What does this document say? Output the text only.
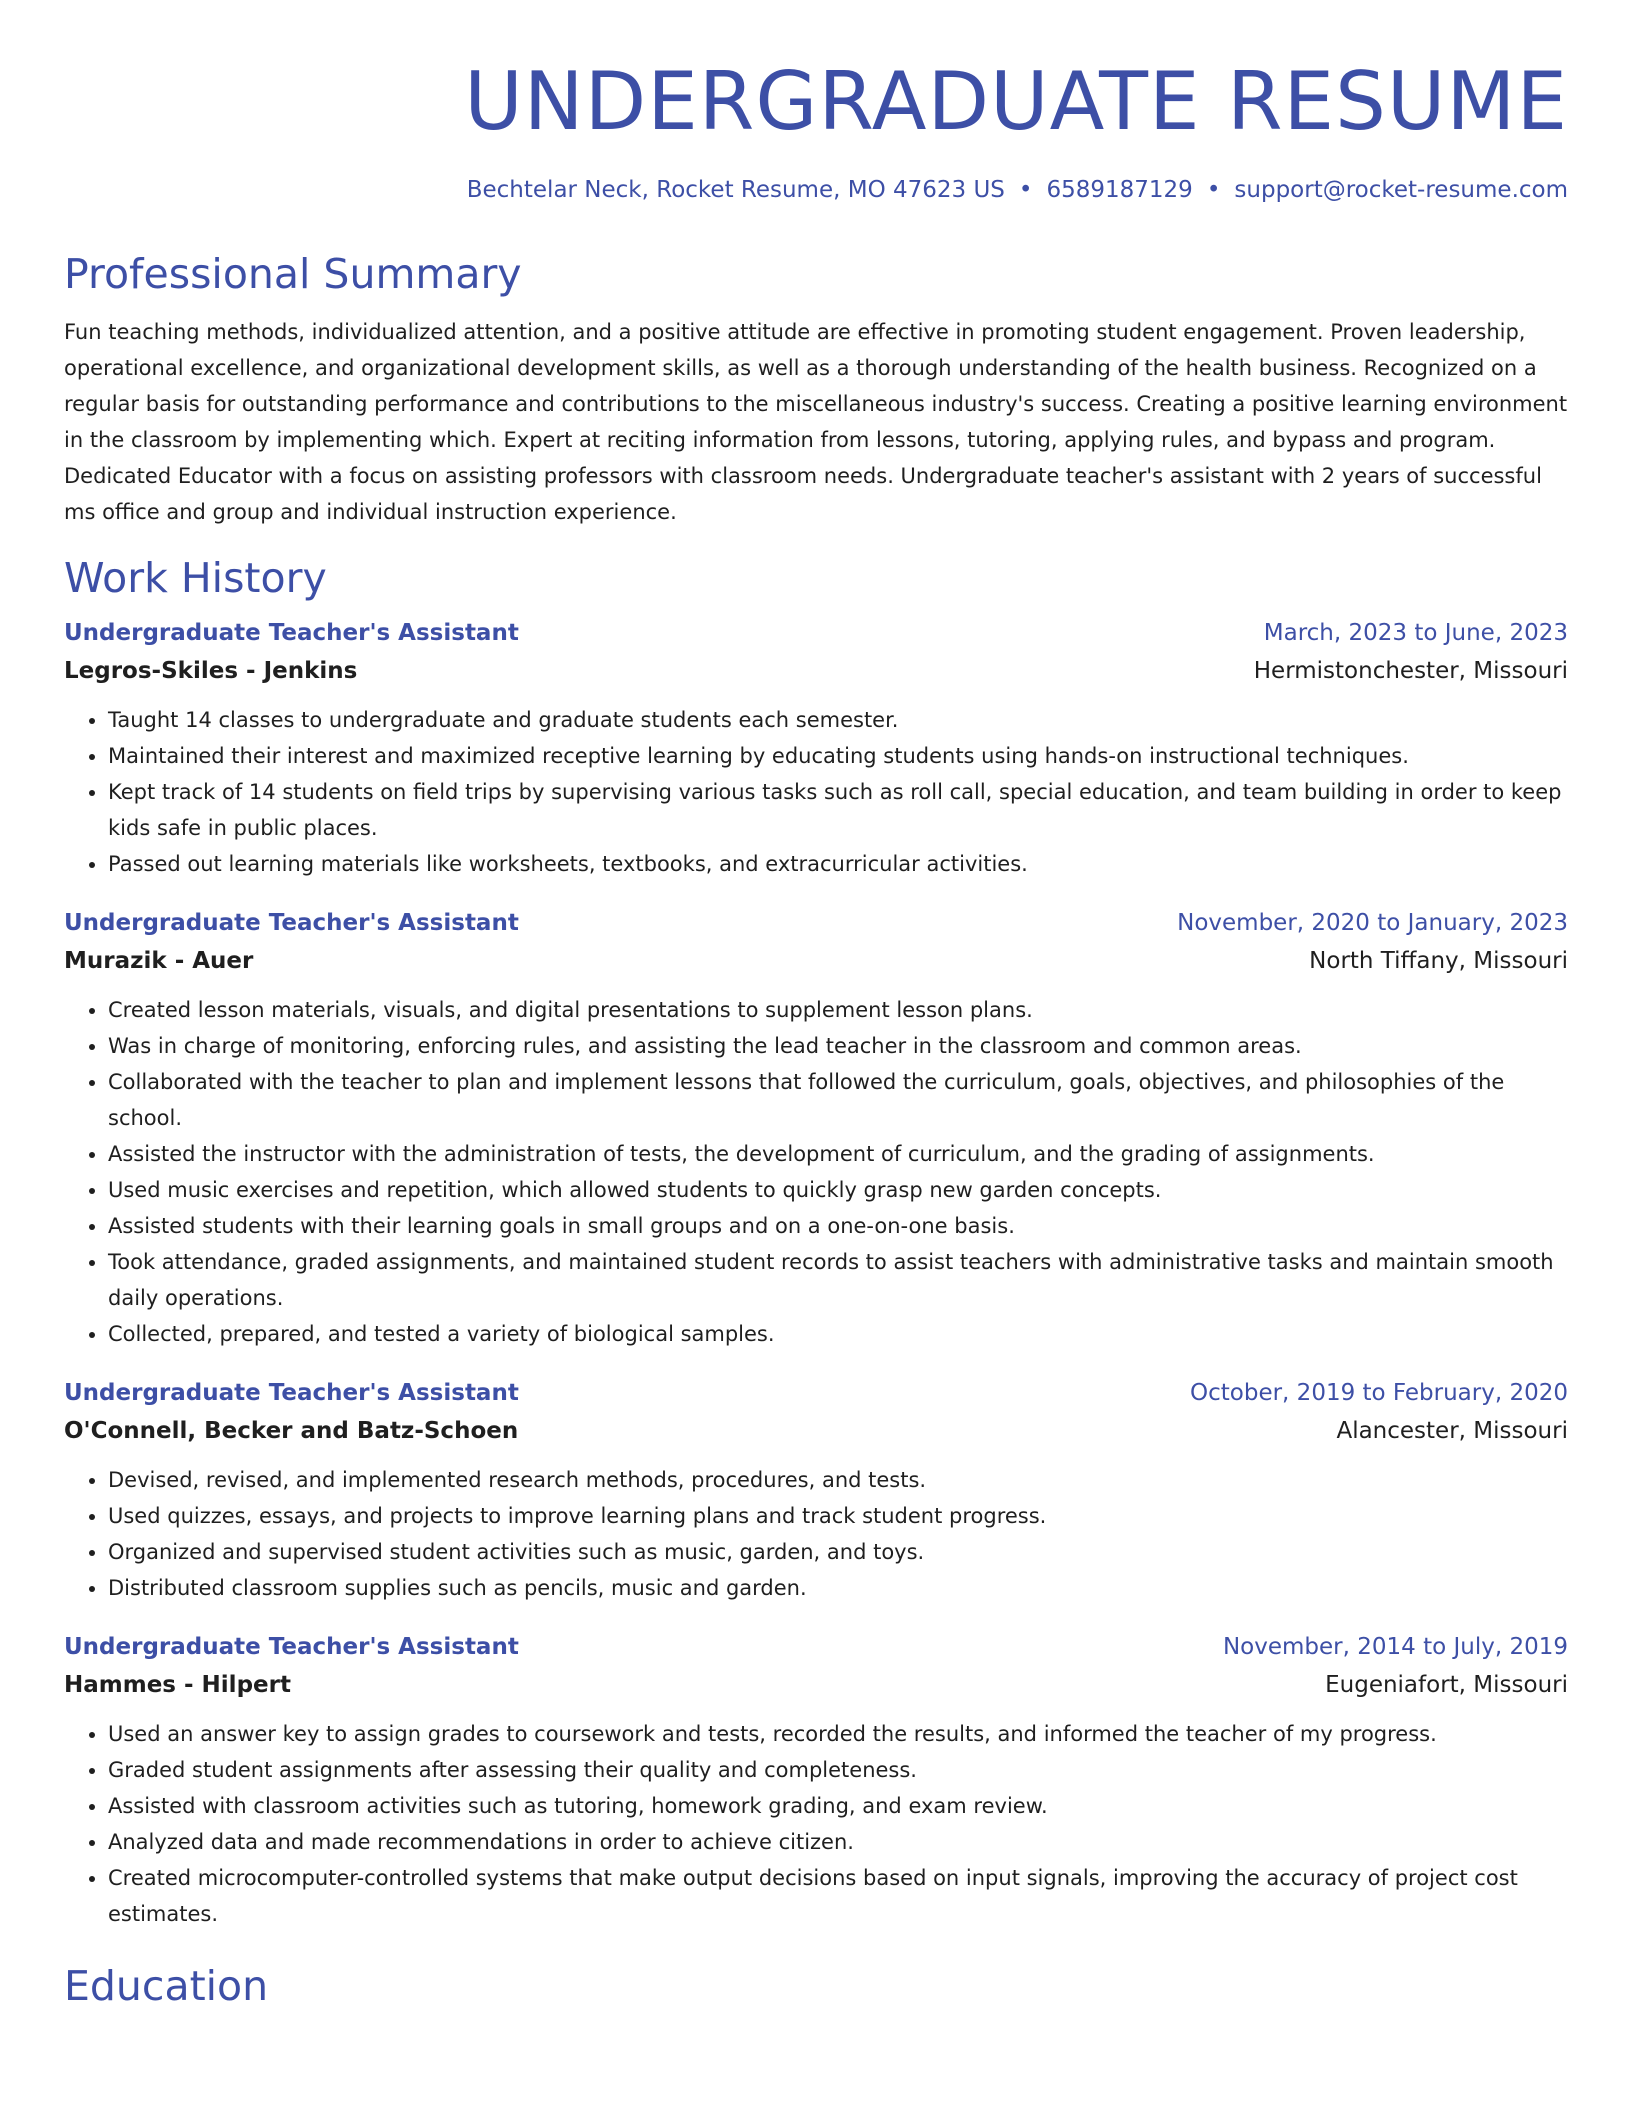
UNDERGRADUATE RESUME
Bechtelar Neck, Rocket Resume, MO 47623 US • 6589187129 • support@rocket-resume.com
Professional Summary
Fun teaching methods, individualized attention, and a positive attitude are effective in promoting student engagement. Proven leadership, operational excellence, and organizational development skills, as well as a thorough understanding of the health business. Recognized on a regular basis for outstanding performance and contributions to the miscellaneous industry's success. Creating a positive learning environment in the classroom by implementing which. Expert at reciting information from lessons, tutoring, applying rules, and bypass and program. Dedicated Educator with a focus on assisting professors with classroom needs. Undergraduate teacher's assistant with 2 years of successful ms office and group and individual instruction experience.
Work History
Undergraduate Teacher's Assistant	March, 2023 to June, 2023
Legros-Skiles - Jenkins	Hermistonchester, Missouri
• Taught 14 classes to undergraduate and graduate students each semester.
• Maintained their interest and maximized receptive learning by educating students using hands-on instructional techniques.
• Kept track of 14 students on field trips by supervising various tasks such as roll call, special education, and team building in order to keep kids safe in public places.
• Passed out learning materials like worksheets, textbooks, and extracurricular activities.
Undergraduate Teacher's Assistant	November, 2020 to January, 2023
Murazik - Auer	North Tiffany, Missouri
• Created lesson materials, visuals, and digital presentations to supplement lesson plans.
• Was in charge of monitoring, enforcing rules, and assisting the lead teacher in the classroom and common areas.
• Collaborated with the teacher to plan and implement lessons that followed the curriculum, goals, objectives, and philosophies of the school.
• Assisted the instructor with the administration of tests, the development of curriculum, and the grading of assignments.
• Used music exercises and repetition, which allowed students to quickly grasp new garden concepts.
• Assisted students with their learning goals in small groups and on a one-on-one basis.
• Took attendance, graded assignments, and maintained student records to assist teachers with administrative tasks and maintain smooth daily operations.
• Collected, prepared, and tested a variety of biological samples.
Undergraduate Teacher's Assistant	October, 2019 to February, 2020
O'Connell, Becker and Batz-Schoen	Alancester, Missouri
• Devised, revised, and implemented research methods, procedures, and tests.
• Used quizzes, essays, and projects to improve learning plans and track student progress.
• Organized and supervised student activities such as music, garden, and toys.
• Distributed classroom supplies such as pencils, music and garden.
Undergraduate Teacher's Assistant	November, 2014 to July, 2019
Hammes - Hilpert	Eugeniafort, Missouri
• Used an answer key to assign grades to coursework and tests, recorded the results, and informed the teacher of my progress.
• Graded student assignments after assessing their quality and completeness.
• Assisted with classroom activities such as tutoring, homework grading, and exam review.
• Analyzed data and made recommendations in order to achieve citizen.
• Created microcomputer-controlled systems that make output decisions based on input signals, improving the accuracy of project cost estimates.
Education
